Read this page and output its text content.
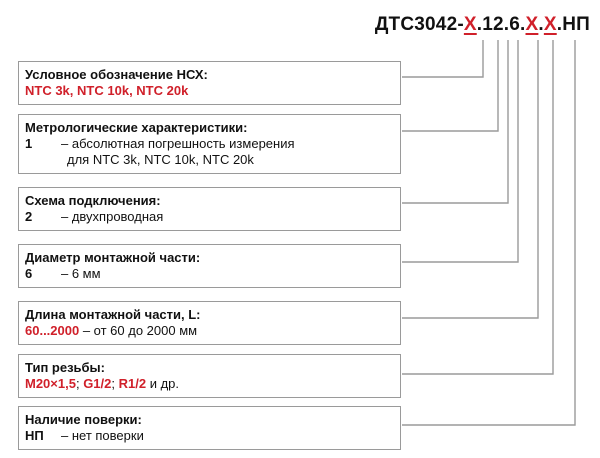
ДТС3042-X.12.6.X.X.НП
Условное обозначение НСХ:
NTC 3k, NTC 10k, NTC 20k
Метрологические характеристики:
1	– абсолютная погрешность измерения
для NTC 3k, NTC 10k, NTC 20k
Схема подключения:
2	– двухпроводная
Диаметр монтажной части:
6	– 6 мм
Длина монтажной части, L:
60...2000 – от 60 до 2000 мм
Тип резьбы:
M20×1,5; G1/2; R1/2 и др.
Наличие поверки:
НП	– нет поверки
